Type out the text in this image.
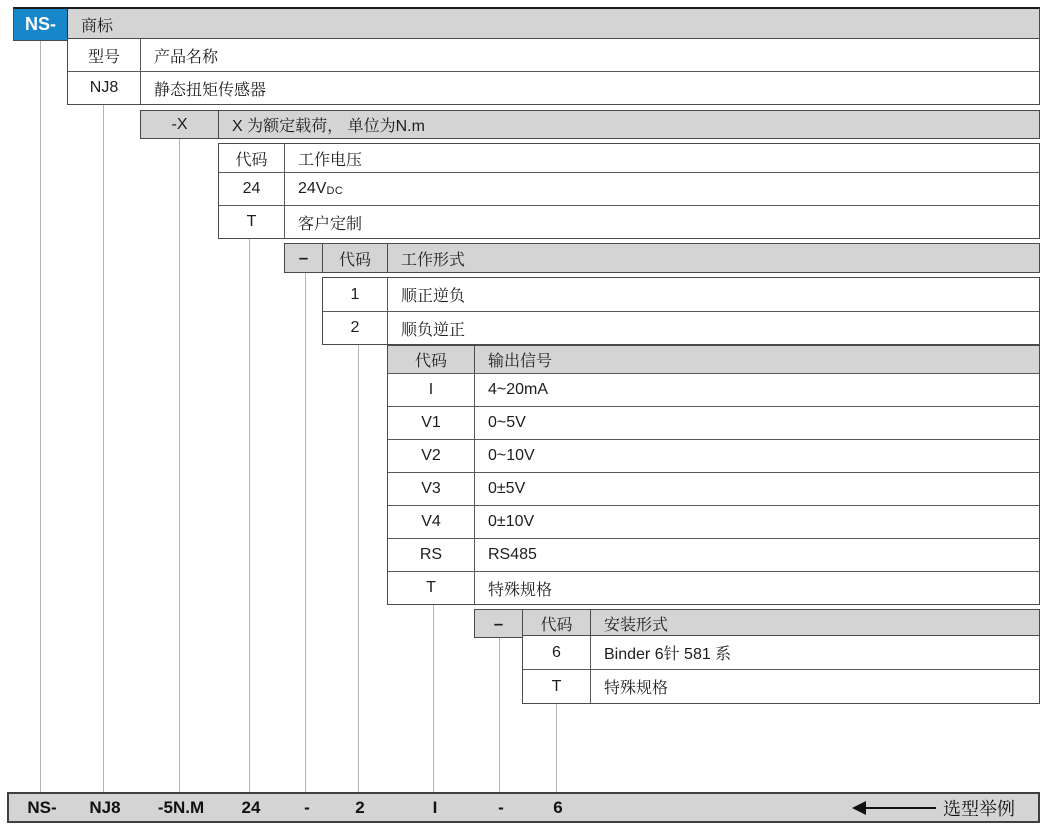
NS-	商标
型号	产品名称
NJ8	静态扭矩传感器
-X	X 为额定载荷， 单位为N.m
代码	工作电压
24	24V DC
T	客户定制
–	代码	工作形式
1	顺正逆负
2	顺负逆正
代码	输出信号
I	4~20mA
V1	0~5V
V2	0~10V
V3	0±5V
V4	0±10V
RS	RS485
T	特殊规格
–	代码	安装形式
6	Binder 6针 581 系
T	特殊规格
NS- NJ8 -5N.M 24	-	2	I	-	6	选型举例
